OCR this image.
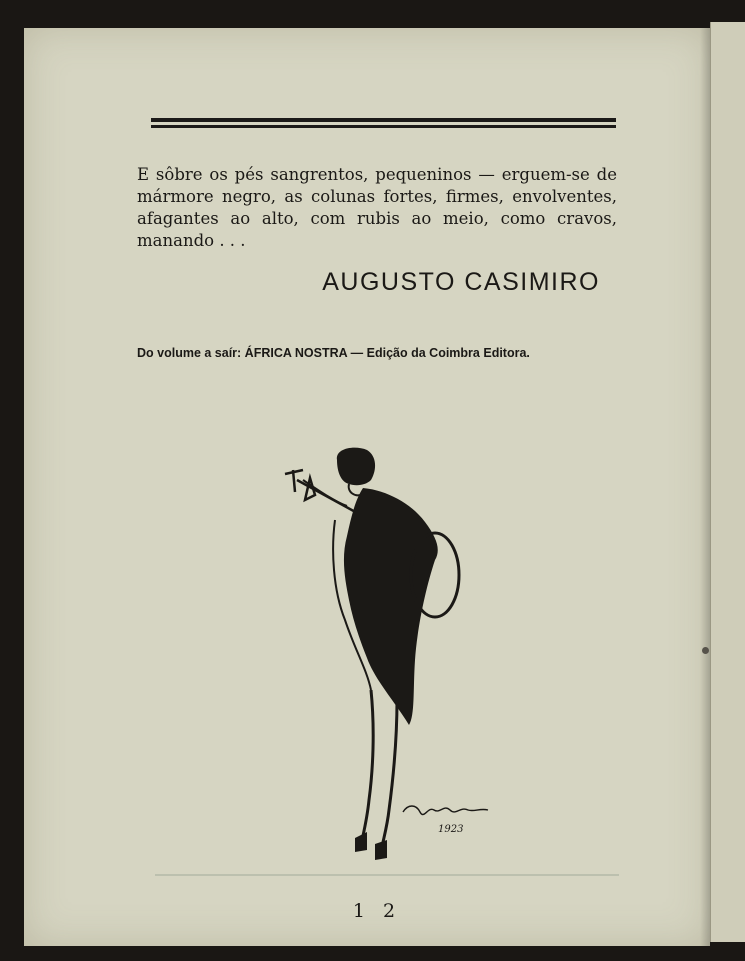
E sôbre os pés sangrentos, pequeninos — erguem-se de mármore negro, as colunas fortes, firmes, envolventes, afagantes ao alto, com rubis ao meio, como cravos, manando . . .

AUGUSTO CASIMIRO
Do volume a saír: ÁFRICA NOSTRA — Edição da Coimbra Editora.
1923
1 2
